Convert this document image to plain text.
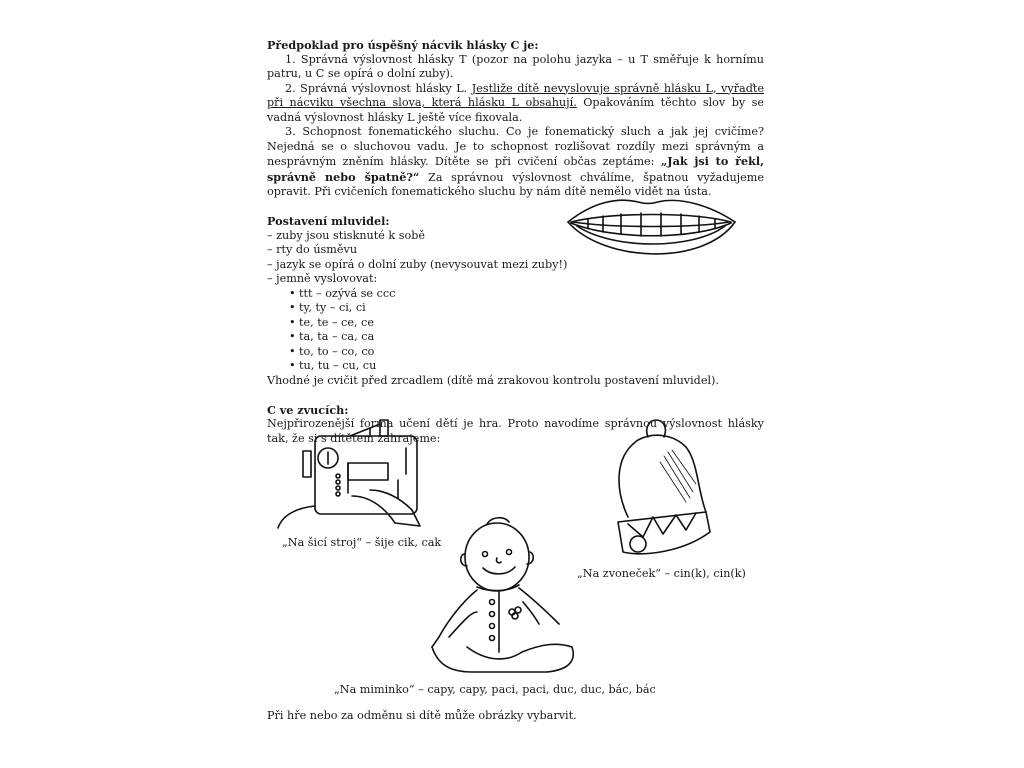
Předpoklad pro úspěšný nácvik hlásky C je:

1. Správná výslovnost hlásky T (pozor na polohu jazyka – u T směřuje k hornímu patru, u C se opírá o dolní zuby).

2. Správná výslovnost hlásky L. Jestliže dítě nevyslovuje správně hlásku L, vyřaďte při nácviku všechna slova, která hlásku L obsahují. Opakováním těchto slov by se vadná výslovnost hlásky L ještě více fixovala.

3. Schopnost fonematického sluchu. Co je fonematický sluch a jak jej cvičíme? Nejedná se o sluchovou vadu. Je to schopnost rozlišovat rozdíly mezi správným a nesprávným zněním hlásky. Dítěte se při cvičení občas zeptáme: „Jak jsi to řekl, správně nebo špatně?“ Za správnou výslovnost chválíme, špatnou vyžadujeme opravit. Při cvičeních fonematického sluchu by nám dítě nemělo vidět na ústa.

Postavení mluvidel:

– zuby jsou stisknuté k sobě

– rty do úsměvu

– jazyk se opírá o dolní zuby (nevysouvat mezi zuby!)

– jemně vyslovovat:

• ttt – ozývá se ccc
• ty, ty – ci, ci
• te, te – ce, ce
• ta, ta – ca, ca
• to, to – co, co
• tu, tu – cu, cu

Vhodné je cvičit před zrcadlem (dítě má zrakovou kontrolu postavení mluvidel).

C ve zvucích:

Nejpřirozenější forma učení dětí je hra. Proto navodíme správnou výslovnost hlásky tak, že si s dítětem zahrajeme:

„Na šicí stroj“ – šije cik, cak
„Na zvoneček“ – cin(k), cin(k)
„Na miminko“ – capy, capy, paci, paci, duc, duc, bác, bác
Při hře nebo za odměnu si dítě může obrázky vybarvit.
